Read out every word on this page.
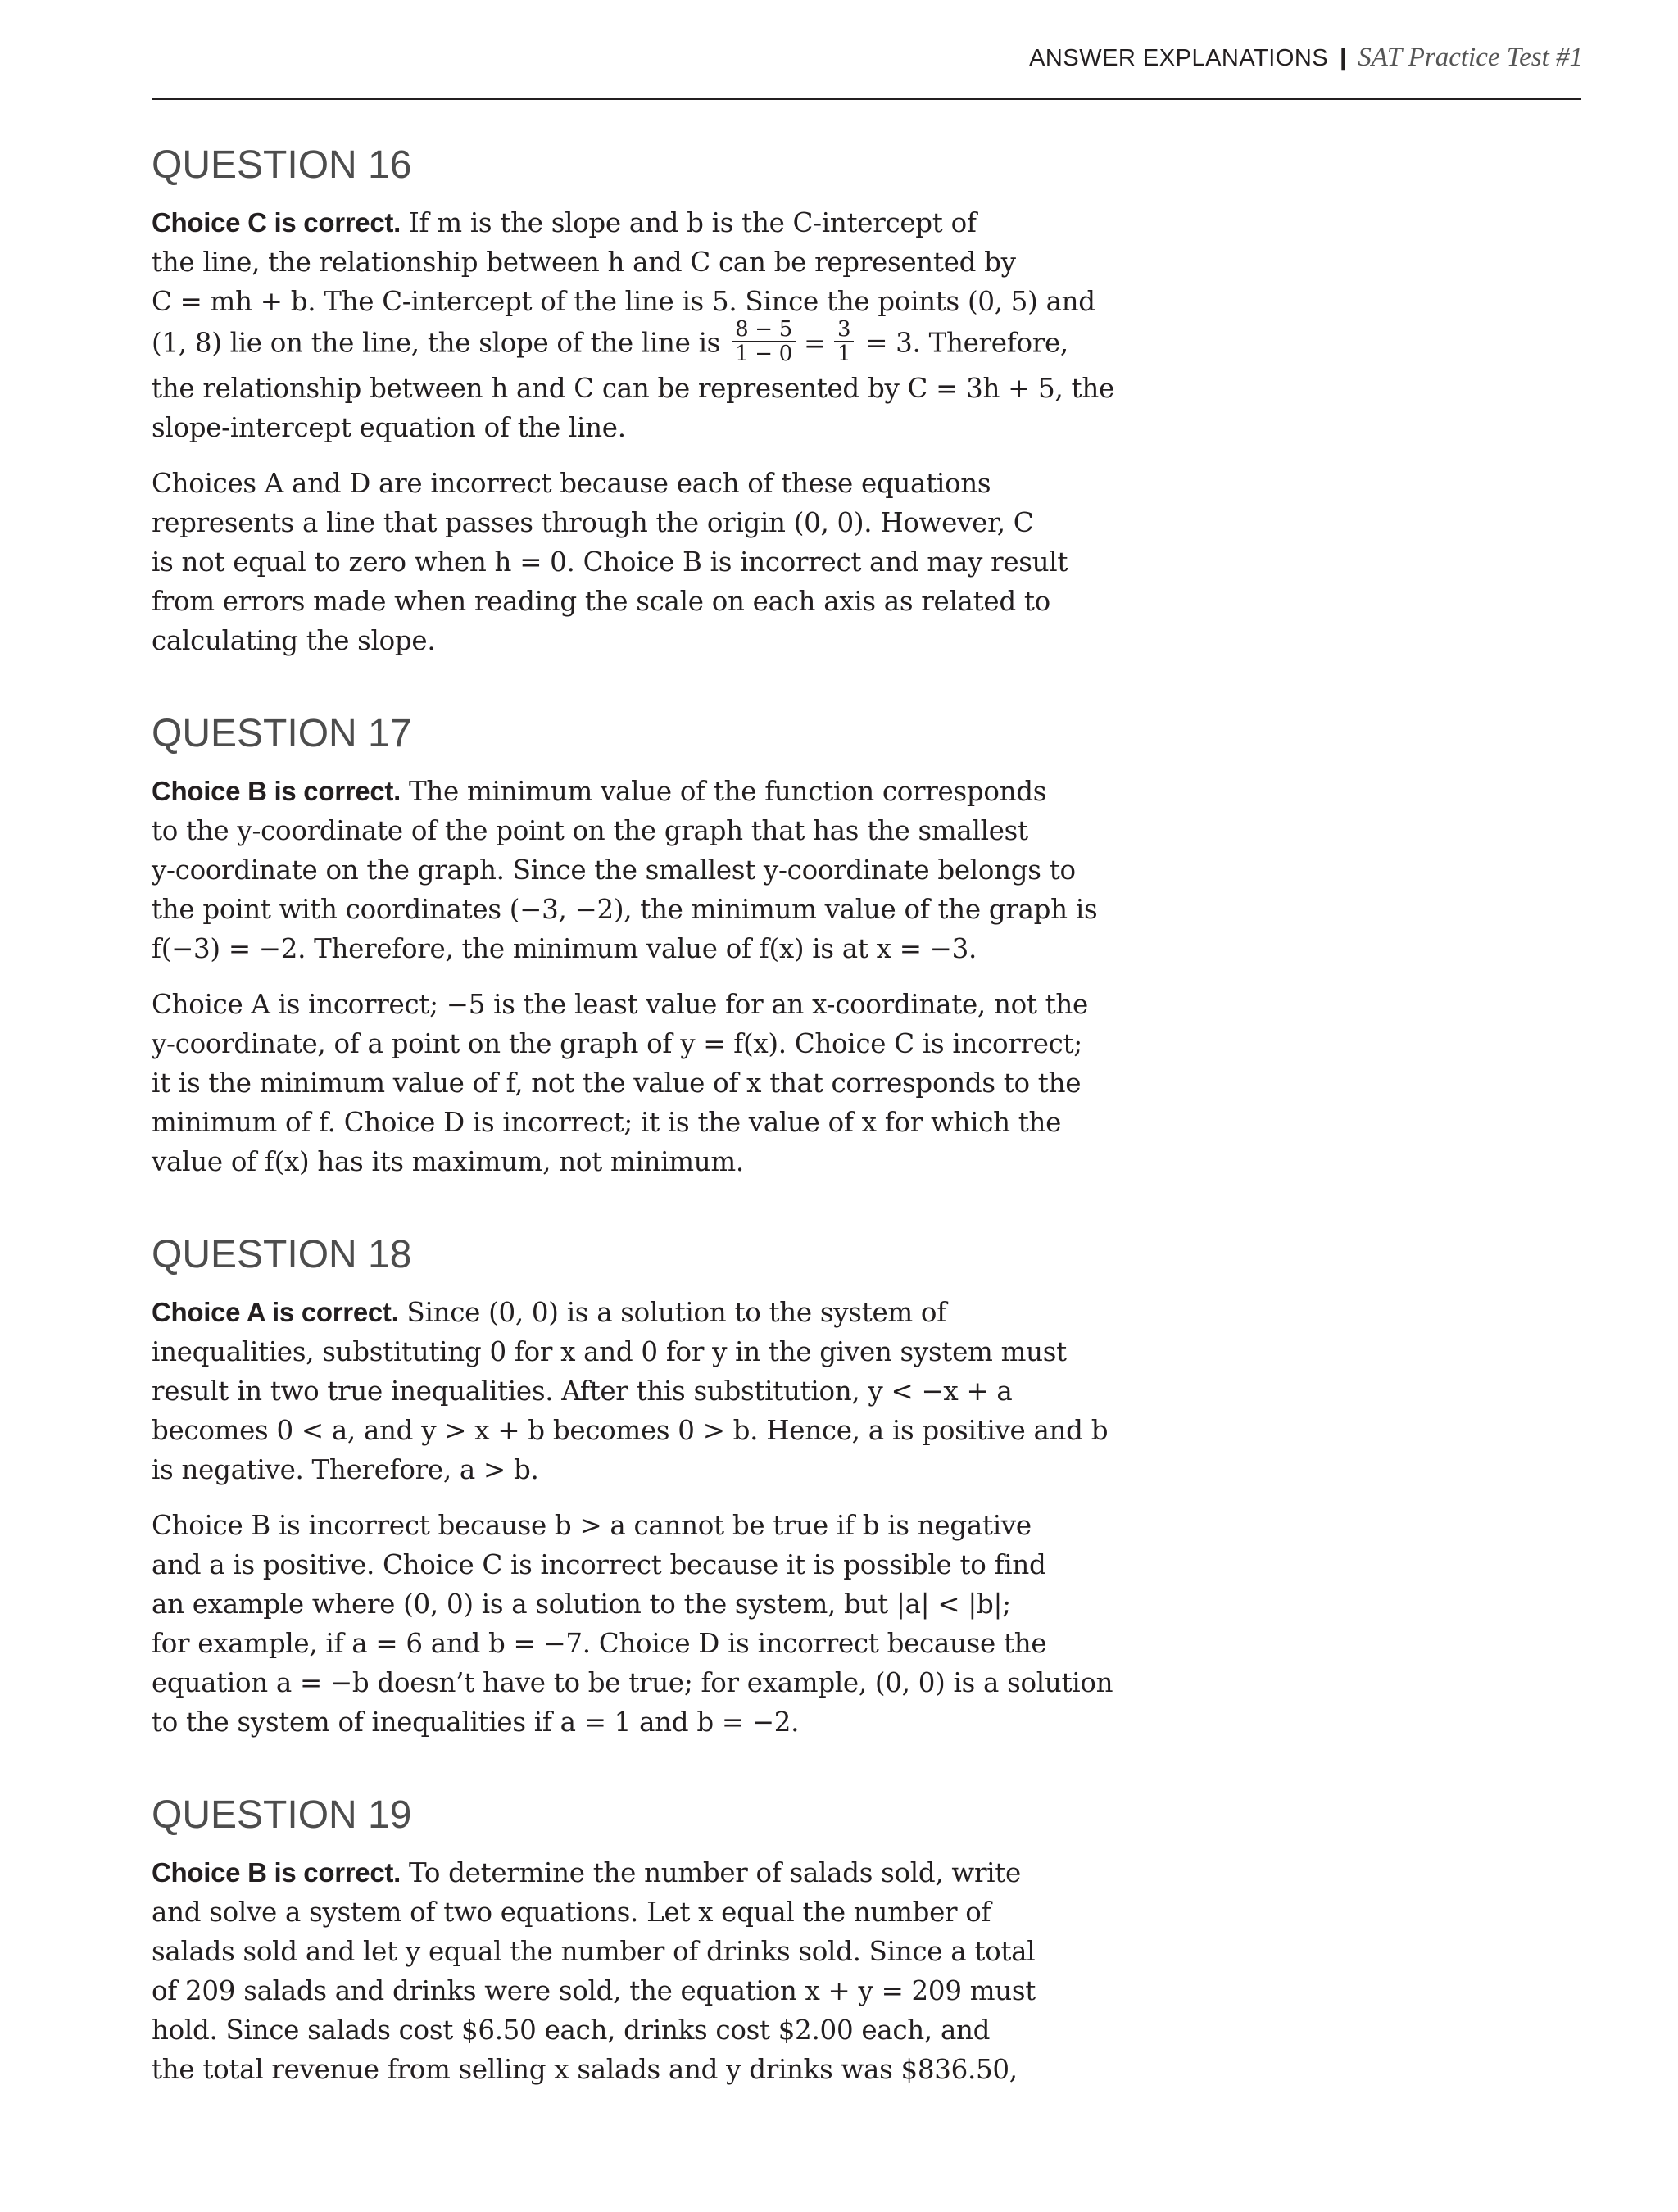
ANSWER EXPLANATIONS | SAT Practice Test #1
QUESTION 16

Choice C is correct. If m is the slope and b is the C-intercept of
the line, the relationship between h and C can be represented by
C = mh + b. The C-intercept of the line is 5. Since the points (0, 5) and
(1, 8) lie on the line, the slope of the line is $\frac{8 - 5}{1 - 0} = \frac{3}{1} = 3$. Therefore,
the relationship between h and C can be represented by C = 3h + 5, the
slope-intercept equation of the line.

Choices A and D are incorrect because each of these equations
represents a line that passes through the origin (0, 0). However, C
is not equal to zero when h = 0. Choice B is incorrect and may result
from errors made when reading the scale on each axis as related to
calculating the slope.

QUESTION 17

Choice B is correct. The minimum value of the function corresponds
to the y-coordinate of the point on the graph that has the smallest
y-coordinate on the graph. Since the smallest y-coordinate belongs to
the point with coordinates (−3, −2), the minimum value of the graph is
f(−3) = −2. Therefore, the minimum value of f(x) is at x = −3.

Choice A is incorrect; −5 is the least value for an x-coordinate, not the
y-coordinate, of a point on the graph of y = f(x). Choice C is incorrect;
it is the minimum value of f, not the value of x that corresponds to the
minimum of f. Choice D is incorrect; it is the value of x for which the
value of f(x) has its maximum, not minimum.

QUESTION 18

Choice A is correct. Since (0, 0) is a solution to the system of
inequalities, substituting 0 for x and 0 for y in the given system must
result in two true inequalities. After this substitution, y < −x + a
becomes 0 < a, and y > x + b becomes 0 > b. Hence, a is positive and b
is negative. Therefore, a > b.

Choice B is incorrect because b > a cannot be true if b is negative
and a is positive. Choice C is incorrect because it is possible to find
an example where (0, 0) is a solution to the system, but |a| < |b|;
for example, if a = 6 and b = −7. Choice D is incorrect because the
equation a = −b doesn’t have to be true; for example, (0, 0) is a solution
to the system of inequalities if a = 1 and b = −2.

QUESTION 19

Choice B is correct. To determine the number of salads sold, write
and solve a system of two equations. Let x equal the number of
salads sold and let y equal the number of drinks sold. Since a total
of 209 salads and drinks were sold, the equation x + y = 209 must
hold. Since salads cost $6.50 each, drinks cost $2.00 each, and
the total revenue from selling x salads and y drinks was $836.50,
